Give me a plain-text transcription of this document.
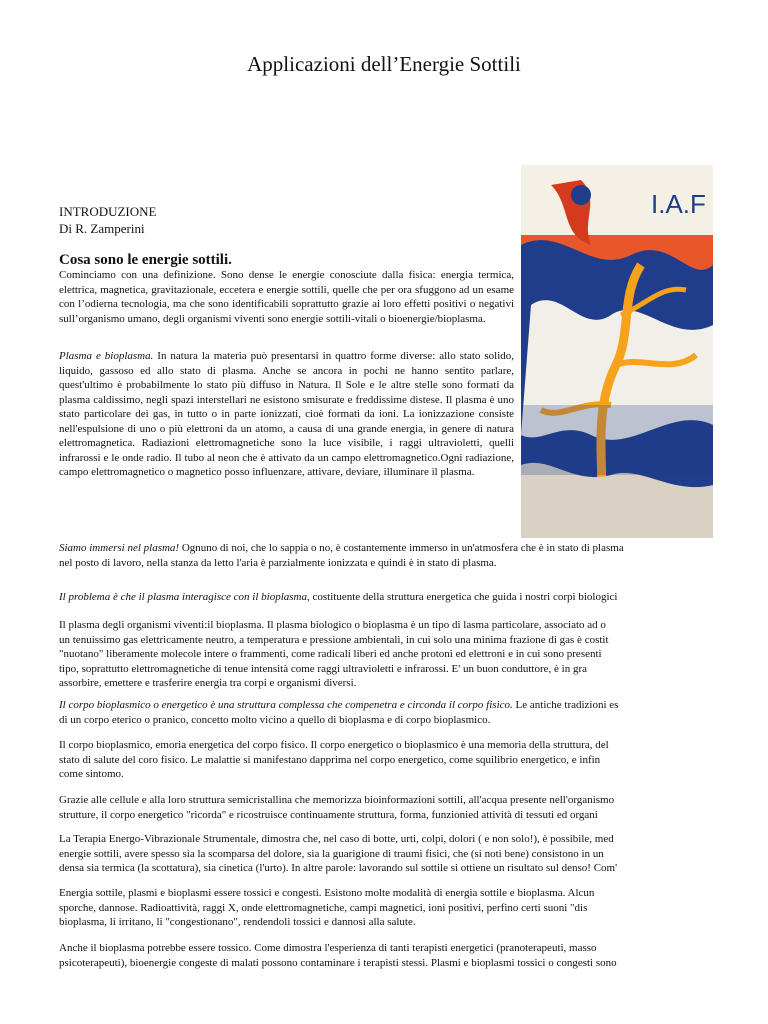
Applicazioni dell’Energie Sottili
INTRODUZIONE
Di R. Zamperini
Cosa sono le energie sottili.
Cominciamo con una definizione. Sono dense le energie conosciute dalla fisica: energia termica, elettrica, magnetica, gravitazionale, eccetera e energie sottili, quelle che per ora sfuggono ad un esame con l’odierna tecnologia, ma che sono identificabili soprattutto grazie ai loro effetti positivi o negativi sull’organismo umano, degli organismi viventi sono energie sottili-vitali o bioenergie/bioplasma.
Plasma e bioplasma. In natura la materia può presentarsi in quattro forme diverse: allo stato solido, liquido, gassoso ed allo stato di plasma. Anche se ancora in pochi ne hanno sentito parlare, quest'ultimo è probabilmente lo stato più diffuso in Natura. Il Sole e le altre stelle sono formati da plasma caldissimo, negli spazi interstellari ne esistono smisurate e freddissime distese. Il plasma è uno stato particolare dei gas, in tutto o in parte ionizzati, cioè formati da ioni. La ionizzazione consiste nell'espulsione di uno o più elettroni da un atomo, a causa di una grande energia, in genere di natura elettromagnetica. Radiazioni elettromagnetiche sono la luce visibile, i raggi ultravioletti, quelli infrarossi e le onde radio. Il tubo al neon che è attivato da un campo elettromagnetico.Ogni radiazione, campo elettromagnetico o magnetico posso influenzare, attivare, deviare, illuminare il plasma.
I.A.F
Siamo immersi nel plasma! Ognuno di noi, che lo sappia o no, è costantemente immerso in un'atmosfera che è in stato di plasma
nel posto di lavoro, nella stanza da letto l'aria è parzialmente ionizzata e quindi è in stato di plasma.
Il problema è che il plasma interagisce con il bioplasma, costituente della struttura energetica che guida i nostri corpi biologici
Il plasma degli organismi viventi:il bioplasma. Il plasma biologico o bioplasma è un tipo di lasma particolare, associato ad o
un tenuissimo gas elettricamente neutro, a temperatura e pressione ambientali, in cui solo una minima frazione di gas è costit
"nuotano" liberamente molecole intere o frammenti, come radicali liberi ed anche protoni ed elettroni e in cui sono presenti
tipo, soprattutto elettromagnetiche di tenue intensità come raggi ultravioletti e infrarossi. E' un buon conduttore, è in gra
assorbire, emettere e trasferire energia tra corpi e organismi diversi.
Il corpo bioplasmico o energetico è una struttura complessa che compenetra e circonda il corpo fisico. Le antiche tradizioni es
di un corpo eterico o pranico, concetto molto vicino a quello di bioplasma e di corpo bioplasmico.
Il corpo bioplasmico, emoria energetica del corpo fisico. Il corpo energetico o bioplasmico è una memoria della struttura, del
stato di salute del coro fisico. Le malattie si manifestano dapprima nel corpo energetico, come squilibrio energetico, e infin
come sintomo.
Grazie alle cellule e alla loro struttura semicristallina che memorizza bioinformazioni sottili, all'acqua presente nell'organismo
strutture, il corpo energetico "ricorda" e ricostruisce continuamente struttura, forma, funzionied attività di tessuti ed organi
La Terapia Energo-Vibrazionale Strumentale, dimostra che, nel caso di botte, urti, colpi, dolori ( e non solo!), è possibile, med
energie sottili, avere spesso sia la scomparsa del dolore, sia la guarigione di traumi fisici, che (si noti bene) consistono in un
densa sia termica (la scottatura), sia cinetica (l'urto). In altre parole: lavorando sul sottile si ottiene un risultato sul denso! Com'
Energia sottile, plasmi e bioplasmi essere tossici e congesti. Esistono molte modalità di energia sottile e bioplasma. Alcun
sporche, dannose. Radioattività, raggi X, onde elettromagnetiche, campi magnetici, ioni positivi, perfino certi suoni "dis
bioplasma, li irritano, li "congestionano", rendendoli tossici e dannosi alla salute.
Anche il bioplasma potrebbe essere tossico. Come dimostra l'esperienza di tanti terapisti energetici (pranoterapeuti, masso
psicoterapeuti), bioenergie congeste di malati possono contaminare i terapisti stessi. Plasmi e bioplasmi tossici o congesti sono
